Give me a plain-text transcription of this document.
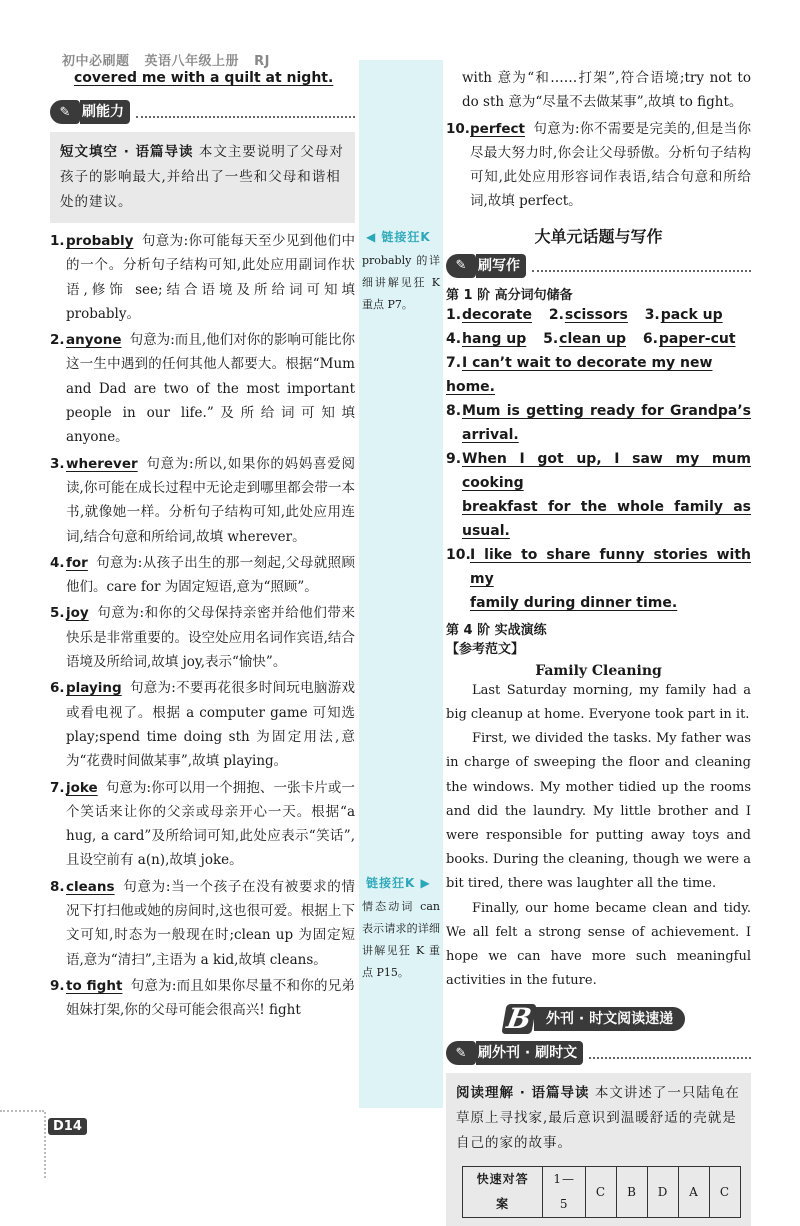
初中必刷题 英语八年级上册 RJ
covered me with a quilt at night.
✎ 刷能力
短文填空 · 语篇导读 本文主要说明了父母对孩子的影响最大,并给出了一些和父母和谐相处的建议。
1. probably 句意为:你可能每天至少见到他们中的一个。分析句子结构可知,此处应用副词作状语,修饰 see;结合语境及所给词可知填 probably。
2. anyone 句意为:而且,他们对你的影响可能比你这一生中遇到的任何其他人都要大。根据“Mum and Dad are two of the most important people in our life.”及所给词可知填 anyone。
3. wherever 句意为:所以,如果你的妈妈喜爱阅读,你可能在成长过程中无论走到哪里都会带一本书,就像她一样。分析句子结构可知,此处应用连词,结合句意和所给词,故填 wherever。
4. for 句意为:从孩子出生的那一刻起,父母就照顾他们。care for 为固定短语,意为“照顾”。
5. joy 句意为:和你的父母保持亲密并给他们带来快乐是非常重要的。设空处应用名词作宾语,结合语境及所给词,故填 joy,表示“愉快”。
6. playing 句意为:不要再花很多时间玩电脑游戏或看电视了。根据 a computer game 可知选 play;spend time doing sth 为固定用法,意为“花费时间做某事”,故填 playing。
7. joke 句意为:你可以用一个拥抱、一张卡片或一个笑话来让你的父亲或母亲开心一天。根据“a hug, a card”及所给词可知,此处应表示“笑话”,且设空前有 a(n),故填 joke。
8. cleans 句意为:当一个孩子在没有被要求的情况下打扫他或她的房间时,这也很可爱。根据上下文可知,时态为一般现在时;clean up 为固定短语,意为“清扫”,主语为 a kid,故填 cleans。
9. to fight 句意为:而且如果你尽量不和你的兄弟姐妹打架,你的父母可能会很高兴! fight
◀ 链接狂K
probably 的详细讲解见狂 K 重点 P7。
链接狂K ▶
情态动词 can 表示请求的详细讲解见狂 K 重点 P15。
with 意为“和……打架”,符合语境;try not to do sth 意为“尽量不去做某事”,故填 to fight。
10. perfect 句意为:你不需要是完美的,但是当你尽最大努力时,你会让父母骄傲。分析句子结构可知,此处应用形容词作表语,结合句意和所给词,故填 perfect。
大单元话题与写作
✎ 刷写作
第 1 阶 高分词句储备
1.decorate 2.scissors 3.pack up
4.hang up 5.clean up 6.paper-cut
7.I can’t wait to decorate my new home.
8. Mum is getting ready for Grandpa’s
arrival.
9. When I got up, I saw my mum cooking
breakfast for the whole family as
usual.
10. I like to share funny stories with my
family during dinner time.
第 4 阶 实战演练
【参考范文】
Family Cleaning

Last Saturday morning, my family had a big cleanup at home. Everyone took part in it.

First, we divided the tasks. My father was in charge of sweeping the floor and cleaning the windows. My mother tidied up the rooms and did the laundry. My little brother and I were responsible for putting away toys and books. During the cleaning, though we were a bit tired, there was laughter all the time.

Finally, our home became clean and tidy. We all felt a strong sense of achievement. I hope we can have more such meaningful activities in the future.

B 外刊 · 时文阅读速递
✎ 刷外刊 · 刷时文
阅读理解 · 语篇导读 本文讲述了一只陆龟在草原上寻找家,最后意识到温暖舒适的壳就是自己的家的故事。
快速对答案	1—5	C	B	D	A	C
D14
